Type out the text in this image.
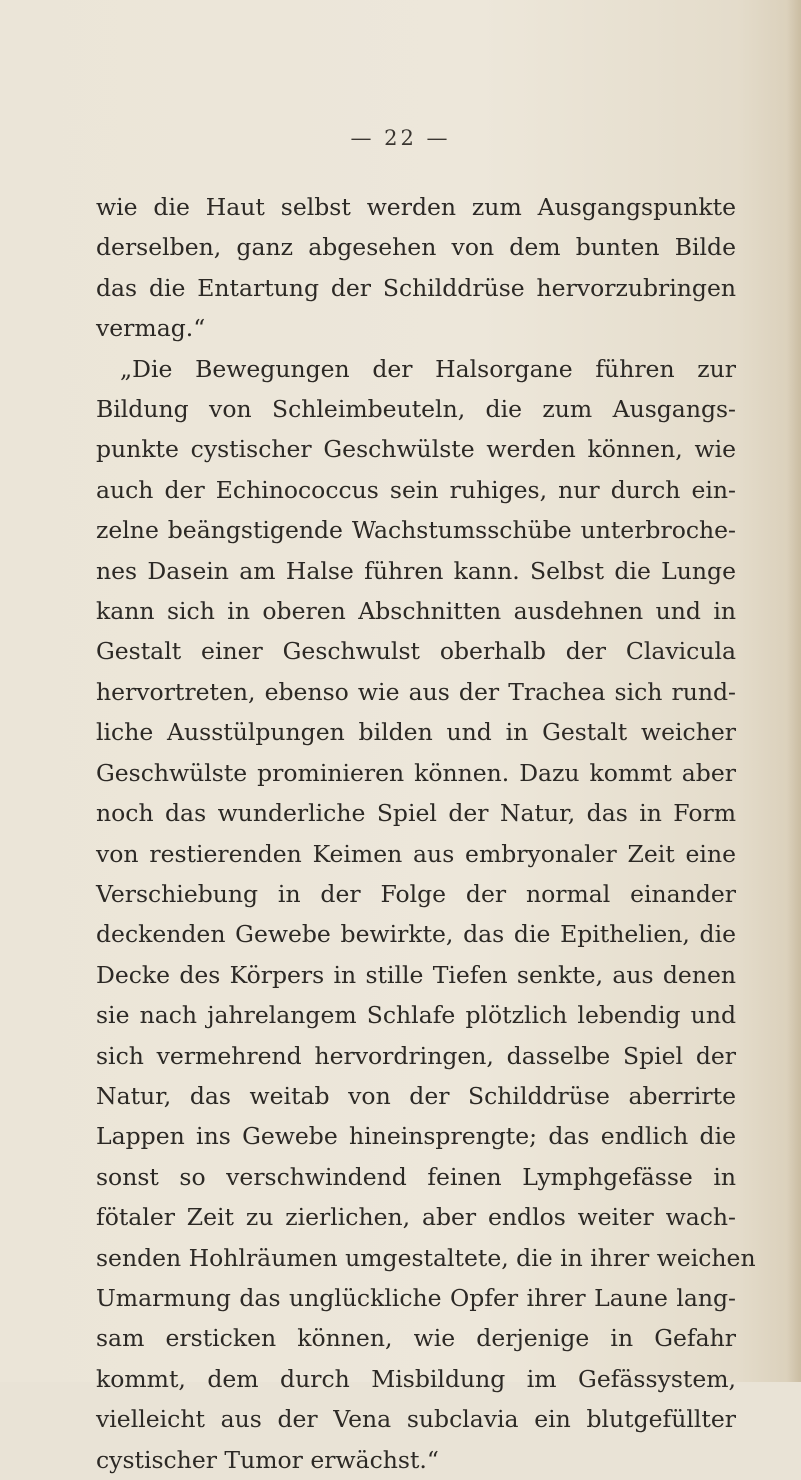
— 22 —

wie die Haut selbst werden zum Ausgangspunkte
derselben, ganz abgesehen von dem bunten Bilde
das die Entartung der Schilddrüse hervorzubringen
vermag.“
„Die Bewegungen der Halsorgane führen zur
Bildung von Schleimbeuteln, die zum Ausgangs-
punkte cystischer Geschwülste werden können, wie
auch der Echinococcus sein ruhiges, nur durch ein-
zelne beängstigende Wachstumsschübe unterbroche-
nes Dasein am Halse führen kann. Selbst die Lunge
kann sich in oberen Abschnitten ausdehnen und in
Gestalt einer Geschwulst oberhalb der Clavicula
hervortreten, ebenso wie aus der Trachea sich rund-
liche Ausstülpungen bilden und in Gestalt weicher
Geschwülste prominieren können. Dazu kommt aber
noch das wunderliche Spiel der Natur, das in Form
von restierenden Keimen aus embryonaler Zeit eine
Verschiebung in der Folge der normal einander
deckenden Gewebe bewirkte, das die Epithelien, die
Decke des Körpers in stille Tiefen senkte, aus denen
sie nach jahrelangem Schlafe plötzlich lebendig und
sich vermehrend hervordringen, dasselbe Spiel der
Natur, das weitab von der Schilddrüse aberrirte
Lappen ins Gewebe hineinsprengte; das endlich die
sonst so verschwindend feinen Lymphgefässe in
fötaler Zeit zu zierlichen, aber endlos weiter wach-
senden Hohlräumen umgestaltete, die in ihrer weichen
Umarmung das unglückliche Opfer ihrer Laune lang-
sam ersticken können, wie derjenige in Gefahr
kommt, dem durch Misbildung im Gefässystem,
vielleicht aus der Vena subclavia ein blutgefüllter
cystischer Tumor erwächst.“
